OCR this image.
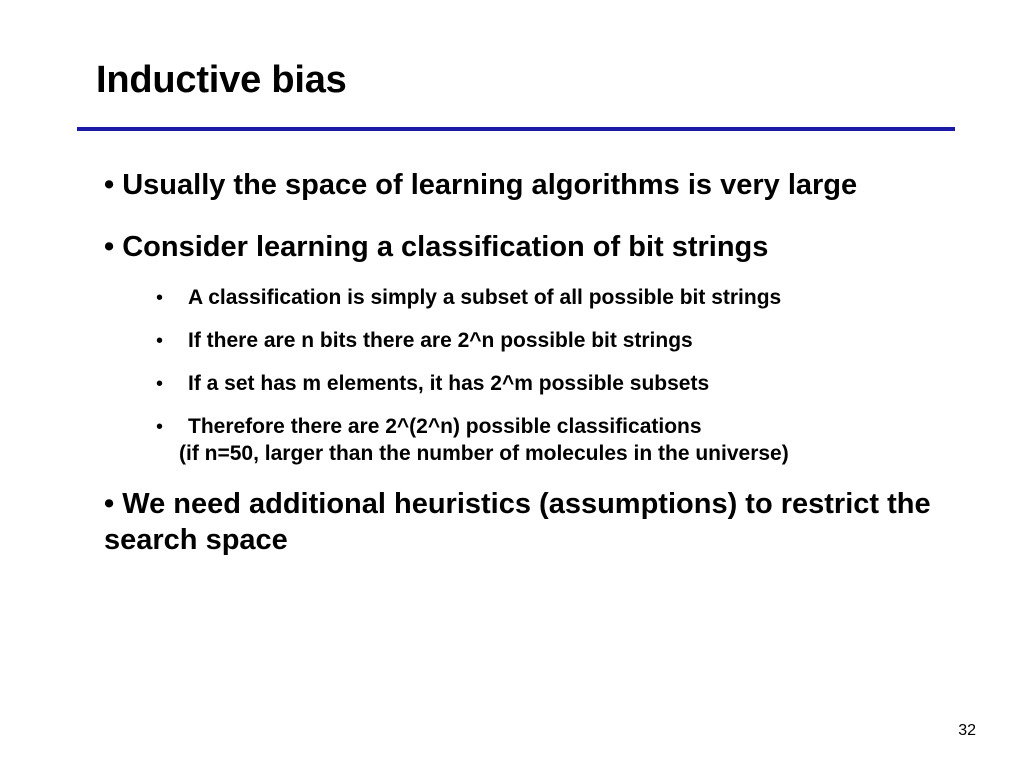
Inductive bias

• Usually the space of learning algorithms is very large

• Consider learning a classification of bit strings

• A classification is simply a subset of all possible bit strings
• If there are n bits there are 2^n possible bit strings
• If a set has m elements, it has 2^m possible subsets
• Therefore there are 2^(2^n) possible classifications
(if n=50, larger than the number of molecules in the universe)

• We need additional heuristics (assumptions) to restrict the search space

32
